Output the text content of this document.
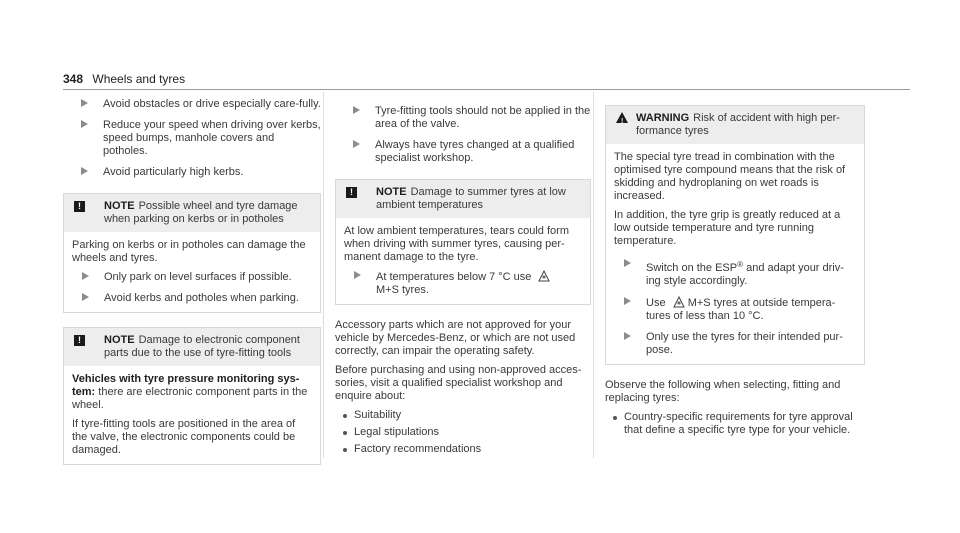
348 Wheels and tyres
Avoid obstacles or drive especially care-fully.
Reduce your speed when driving over kerbs, speed bumps, manhole covers and potholes.
Avoid particularly high kerbs.
!	NOTE Possible wheel and tyre damage when parking on kerbs or in potholes

Parking on kerbs or in potholes can damage the wheels and tyres.

Only park on level surfaces if possible.
Avoid kerbs and potholes when parking.
!	NOTE Damage to electronic component parts due to the use of tyre-fitting tools

Vehicles with tyre pressure monitoring sys-tem: there are electronic component parts in the wheel.

If tyre-fitting tools are positioned in the area of the valve, the electronic components could be damaged.

Tyre-fitting tools should not be applied in the area of the valve.
Always have tyres changed at a qualified specialist workshop.
!	NOTE Damage to summer tyres at low ambient temperatures

At low ambient temperatures, tears could form when driving with summer tyres, causing per-manent damage to the tyre.

At temperatures below 7 °C use
M+S tyres.

Accessory parts which are not approved for your vehicle by Mercedes-Benz, or which are not used correctly, can impair the operating safety.

Before purchasing and using non-approved acces-sories, visit a qualified specialist workshop and enquire about:

Suitability
Legal stipulations
Factory recommendations
! WARNING Risk of accident with high per-formance tyres

The special tyre tread in combination with the optimised tyre compound means that the risk of skidding and hydroplaning on wet roads is increased.

In addition, the tyre grip is greatly reduced at a low outside temperature and tyre running temperature.

Switch on the ESP® and adapt your driv-ing style accordingly.
Use M+S tyres at outside tempera-tures of less than 10 °C.
Only use the tyres for their intended pur-pose.

Observe the following when selecting, fitting and replacing tyres:

Country-specific requirements for tyre approval that define a specific tyre type for your vehicle.
